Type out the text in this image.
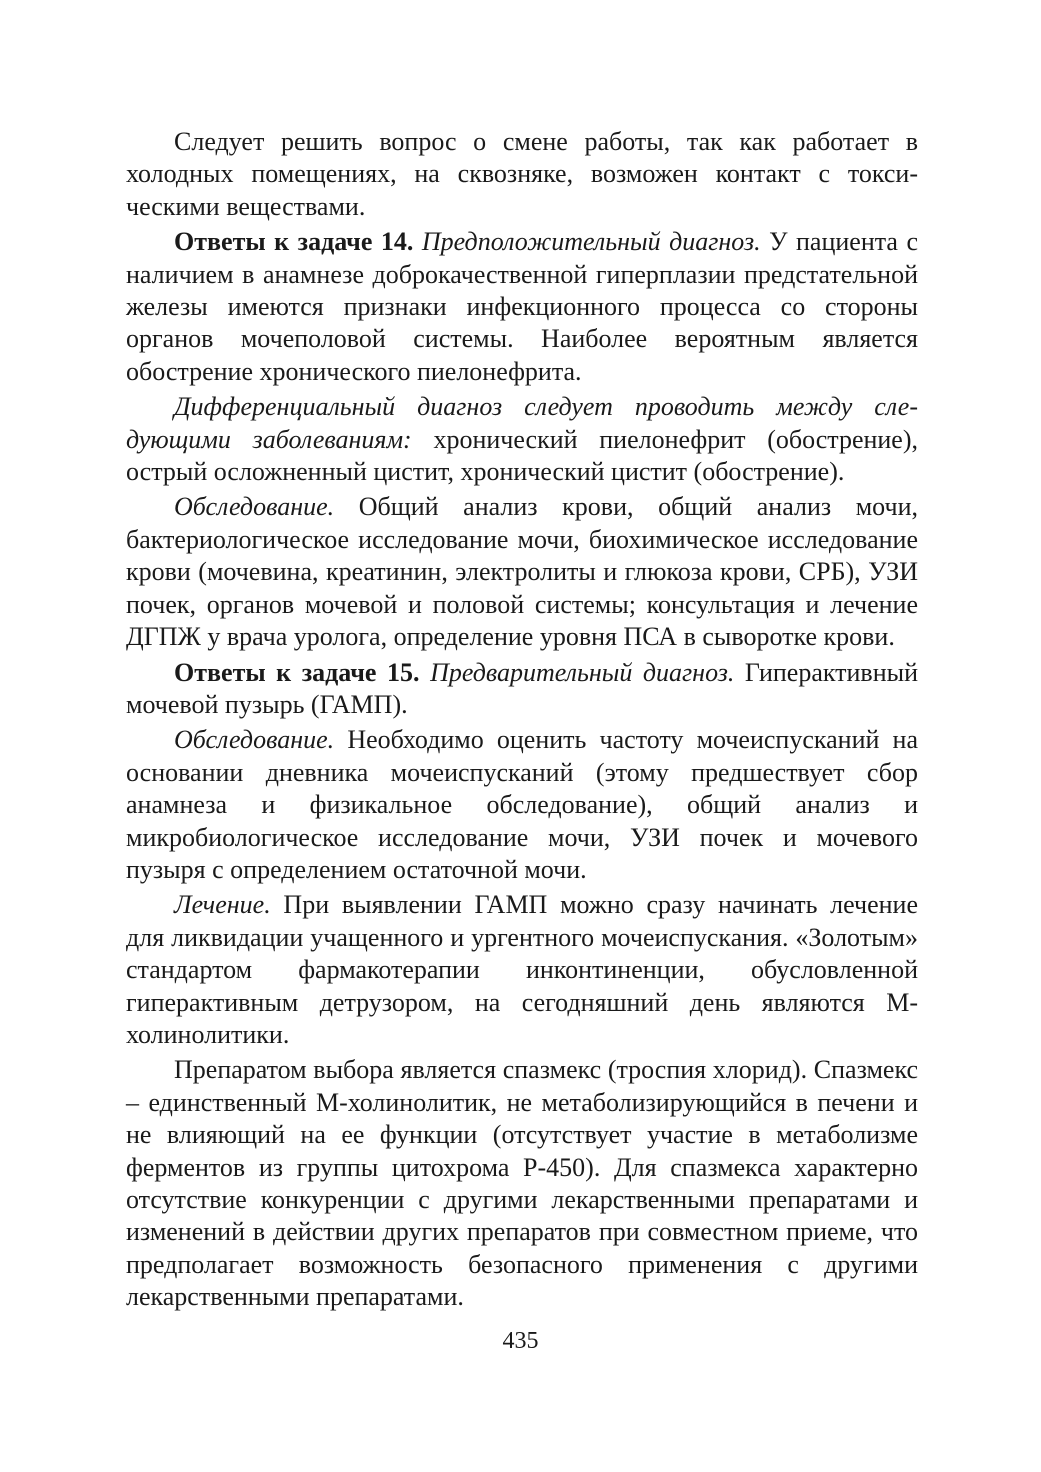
Следует решить вопрос о смене работы, так как работает в холодных помещениях, на сквозняке, возможен контакт с токсическими веществами.

Ответы к задаче 14. Предположительный диагноз. У пациента с наличием в анамнезе доброкачественной гиперплазии предстательной железы имеются признаки инфекционного процесса со стороны органов мочеполовой системы. Наиболее вероятным является обострение хронического пиелонефрита.

Дифференциальный диагноз следует проводить между следующими заболеваниям: хронический пиелонефрит (обострение), острый осложненный цистит, хронический цистит (обострение).

Обследование. Общий анализ крови, общий анализ мочи, бактериологическое исследование мочи, биохимическое исследование крови (мочевина, креатинин, электролиты и глюкоза крови, СРБ), УЗИ почек, органов мочевой и половой системы; консультация и лечение ДГПЖ у врача уролога, определение уровня ПСА в сыворотке крови.

Ответы к задаче 15. Предварительный диагноз. Гиперактивный мочевой пузырь (ГАМП).

Обследование. Необходимо оценить частоту мочеиспусканий на основании дневника мочеиспусканий (этому предшествует сбор анамнеза и физикальное обследование), общий анализ и микробиологическое исследование мочи, УЗИ почек и мочевого пузыря с определением остаточной мочи.

Лечение. При выявлении ГАМП можно сразу начинать лечение для ликвидации учащенного и ургентного мочеиспускания. «Золотым» стандартом фармакотерапии инконтиненции, обусловленной гиперактивным детрузором, на сегодняшний день являются М-холинолитики.

Препаратом выбора является спазмекс (троспия хлорид). Спазмекс – единственный М-холинолитик, не метаболизирующийся в печени и не влияющий на ее функции (отсутствует участие в метаболизме ферментов из группы цитохрома Р-450). Для спазмекса характерно отсутствие конкуренции с другими лекарственными препаратами и изменений в действии других препаратов при совместном приеме, что предполагает возможность безопасного применения с другими лекарственными препаратами.

435
